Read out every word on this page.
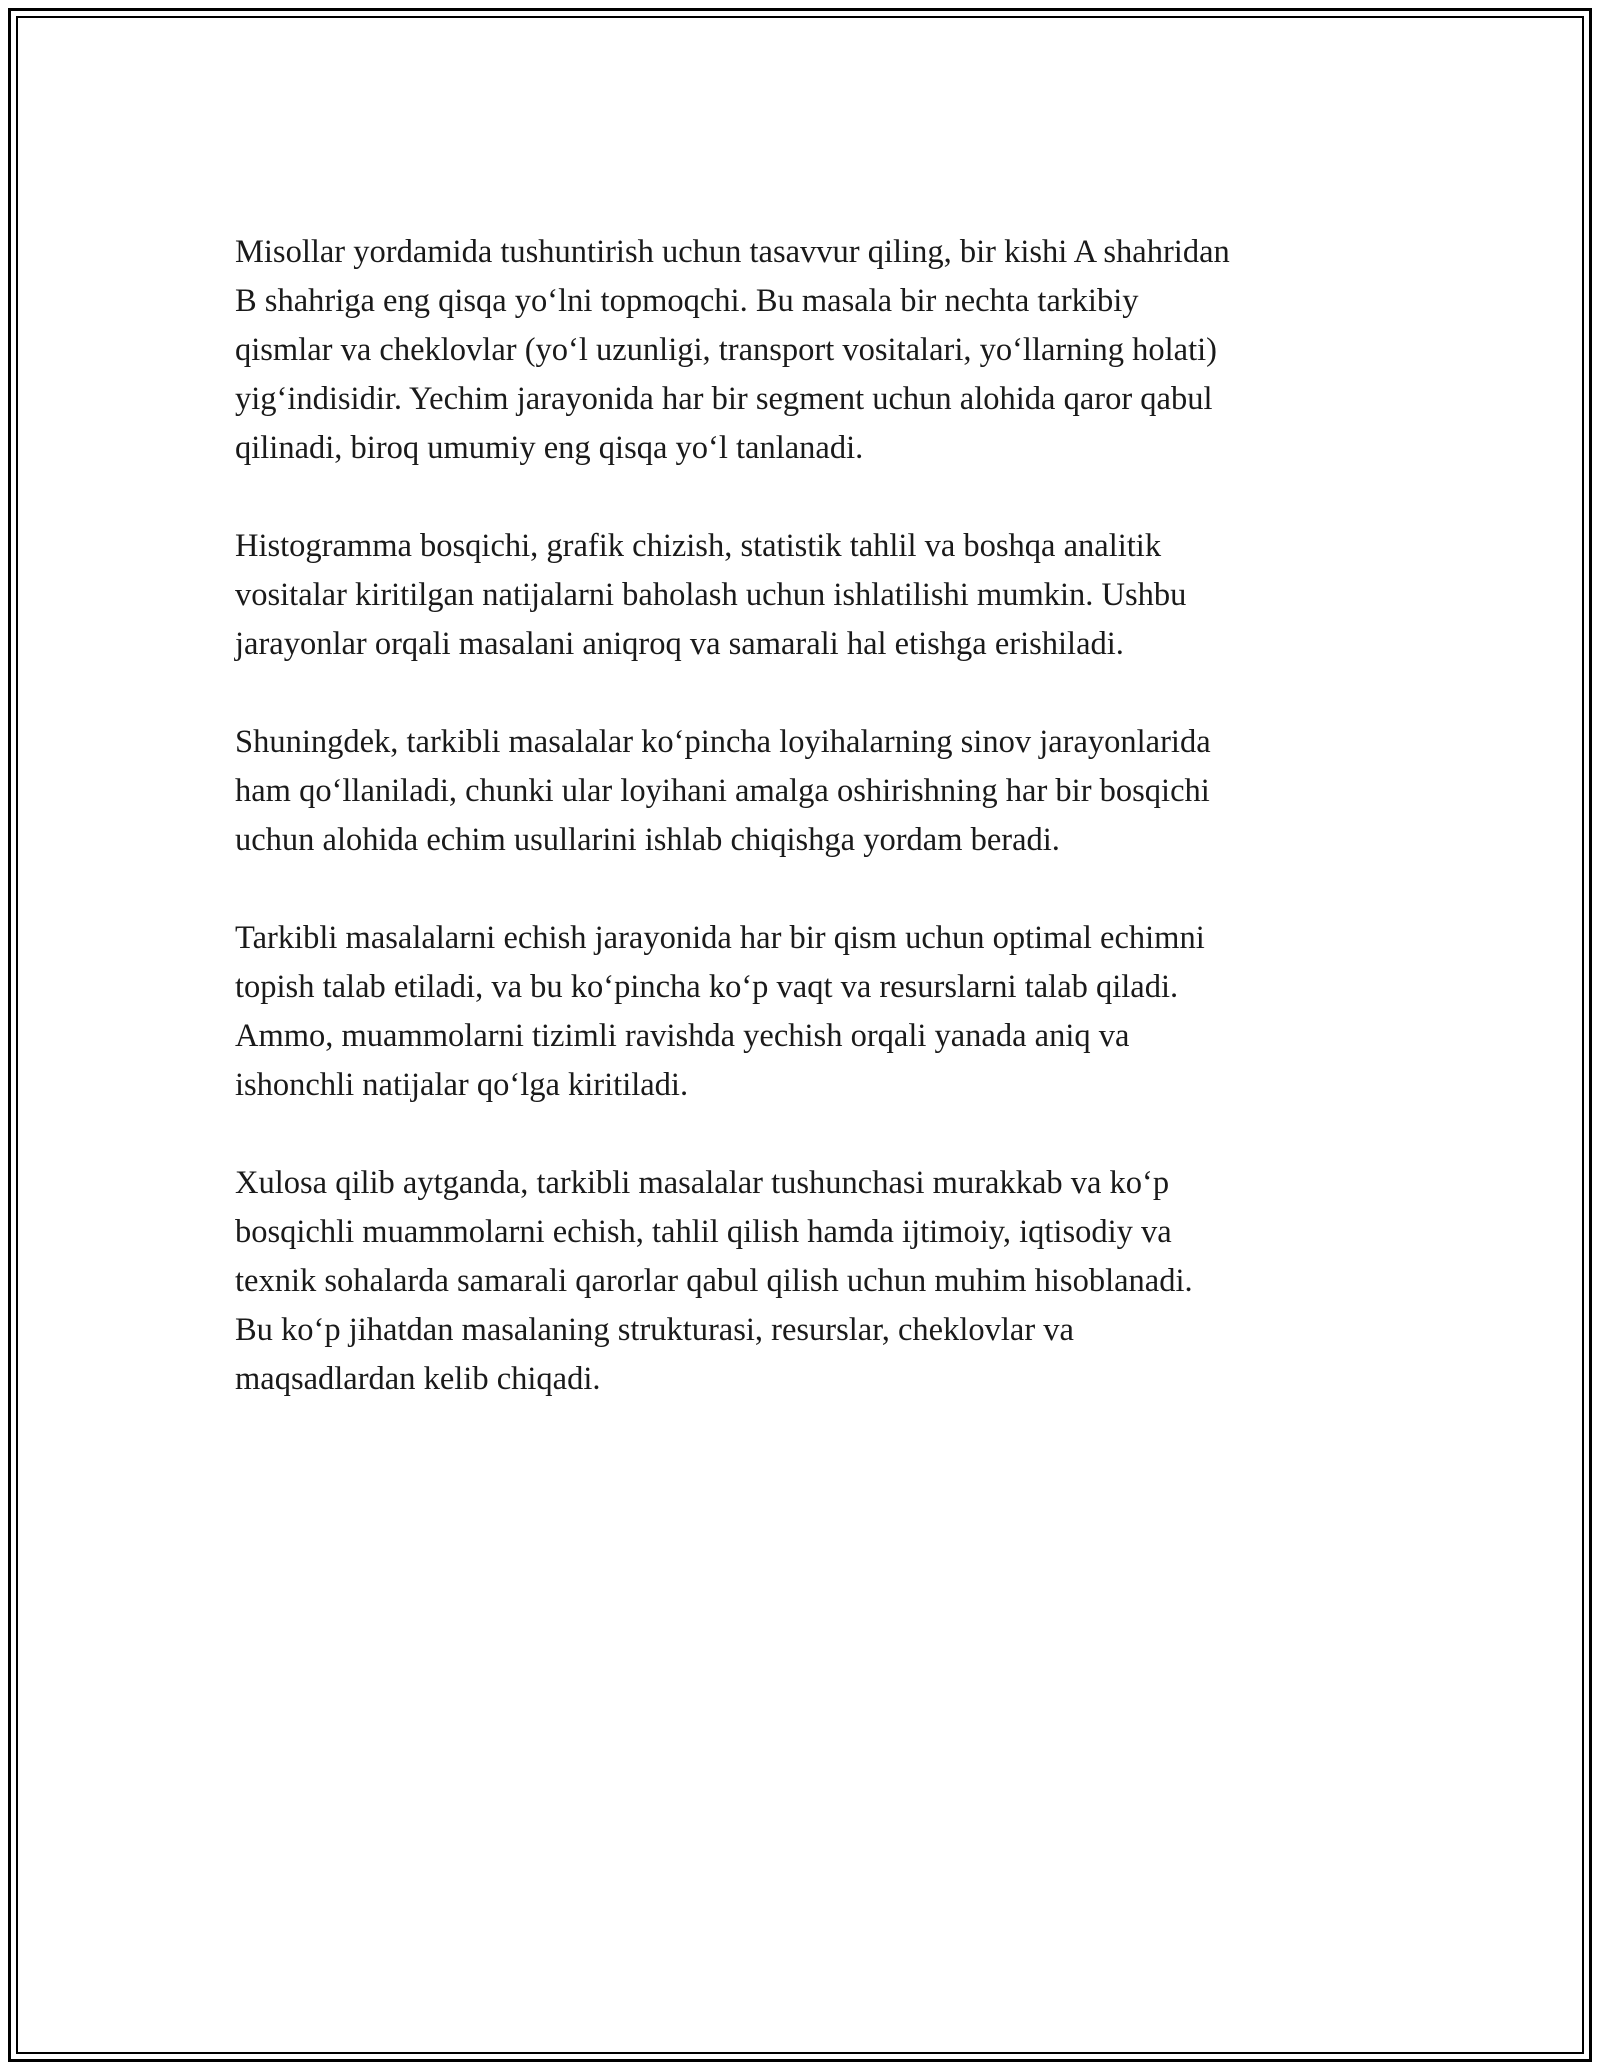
Misollar yordamida tushuntirish uchun tasavvur qiling, bir kishi A shahridan
B shahriga eng qisqa yo‘lni topmoqchi. Bu masala bir nechta tarkibiy
qismlar va cheklovlar (yo‘l uzunligi, transport vositalari, yo‘llarning holati)
yig‘indisidir. Yechim jarayonida har bir segment uchun alohida qaror qabul
qilinadi, biroq umumiy eng qisqa yo‘l tanlanadi.

Histogramma bosqichi, grafik chizish, statistik tahlil va boshqa analitik
vositalar kiritilgan natijalarni baholash uchun ishlatilishi mumkin. Ushbu
jarayonlar orqali masalani aniqroq va samarali hal etishga erishiladi.

Shuningdek, tarkibli masalalar ko‘pincha loyihalarning sinov jarayonlarida
ham qo‘llaniladi, chunki ular loyihani amalga oshirishning har bir bosqichi
uchun alohida echim usullarini ishlab chiqishga yordam beradi.

Tarkibli masalalarni echish jarayonida har bir qism uchun optimal echimni
topish talab etiladi, va bu ko‘pincha ko‘p vaqt va resurslarni talab qiladi.
Ammo, muammolarni tizimli ravishda yechish orqali yanada aniq va
ishonchli natijalar qo‘lga kiritiladi.

Xulosa qilib aytganda, tarkibli masalalar tushunchasi murakkab va ko‘p
bosqichli muammolarni echish, tahlil qilish hamda ijtimoiy, iqtisodiy va
texnik sohalarda samarali qarorlar qabul qilish uchun muhim hisoblanadi.
Bu ko‘p jihatdan masalaning strukturasi, resurslar, cheklovlar va
maqsadlardan kelib chiqadi.
